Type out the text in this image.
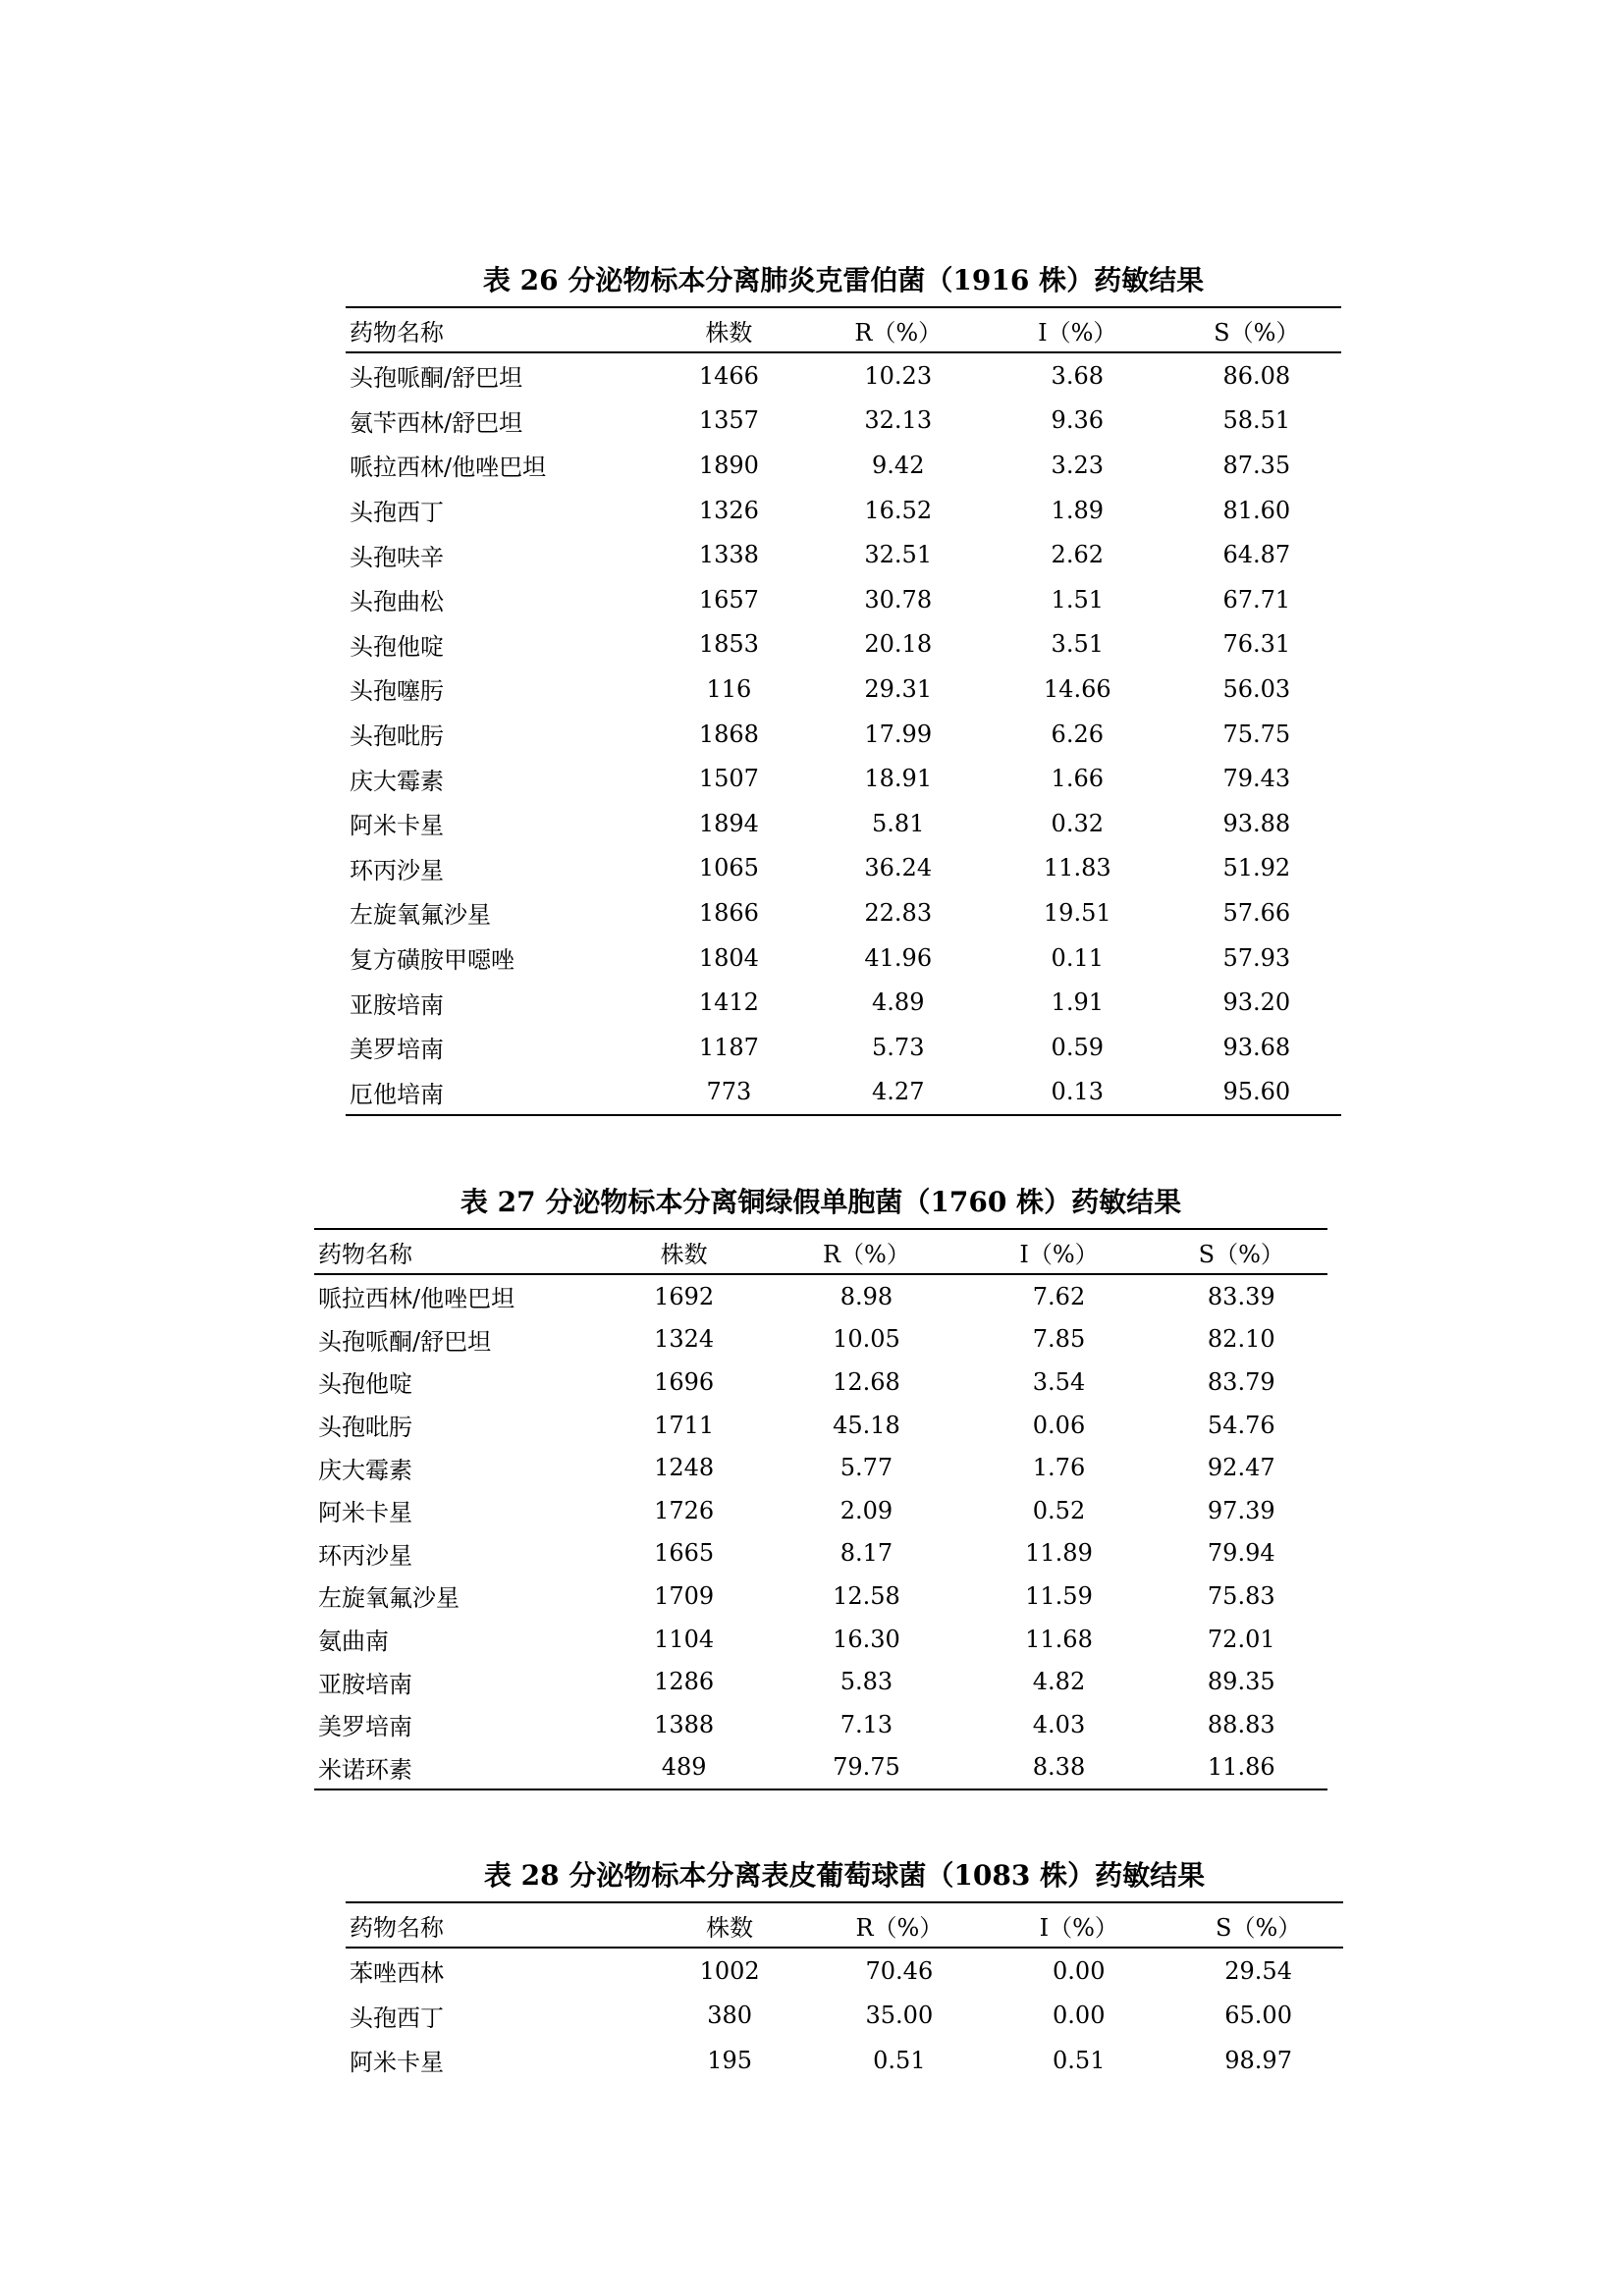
表 26 分泌物标本分离肺炎克雷伯菌（1916 株）药敏结果
药物名称	株数	R（%）	I（%）	S（%）
头孢哌酮/舒巴坦	1466	10.23	3.68	86.08
氨苄西林/舒巴坦	1357	32.13	9.36	58.51
哌拉西林/他唑巴坦	1890	9.42	3.23	87.35
头孢西丁	1326	16.52	1.89	81.60
头孢呋辛	1338	32.51	2.62	64.87
头孢曲松	1657	30.78	1.51	67.71
头孢他啶	1853	20.18	3.51	76.31
头孢噻肟	116	29.31	14.66	56.03
头孢吡肟	1868	17.99	6.26	75.75
庆大霉素	1507	18.91	1.66	79.43
阿米卡星	1894	5.81	0.32	93.88
环丙沙星	1065	36.24	11.83	51.92
左旋氧氟沙星	1866	22.83	19.51	57.66
复方磺胺甲噁唑	1804	41.96	0.11	57.93
亚胺培南	1412	4.89	1.91	93.20
美罗培南	1187	5.73	0.59	93.68
厄他培南	773	4.27	0.13	95.60
表 27 分泌物标本分离铜绿假单胞菌（1760 株）药敏结果
药物名称	株数	R（%）	I（%）	S（%）
哌拉西林/他唑巴坦	1692	8.98	7.62	83.39
头孢哌酮/舒巴坦	1324	10.05	7.85	82.10
头孢他啶	1696	12.68	3.54	83.79
头孢吡肟	1711	45.18	0.06	54.76
庆大霉素	1248	5.77	1.76	92.47
阿米卡星	1726	2.09	0.52	97.39
环丙沙星	1665	8.17	11.89	79.94
左旋氧氟沙星	1709	12.58	11.59	75.83
氨曲南	1104	16.30	11.68	72.01
亚胺培南	1286	5.83	4.82	89.35
美罗培南	1388	7.13	4.03	88.83
米诺环素	489	79.75	8.38	11.86
表 28 分泌物标本分离表皮葡萄球菌（1083 株）药敏结果
药物名称	株数	R（%）	I（%）	S（%）
苯唑西林	1002	70.46	0.00	29.54
头孢西丁	380	35.00	0.00	65.00
阿米卡星	195	0.51	0.51	98.97
